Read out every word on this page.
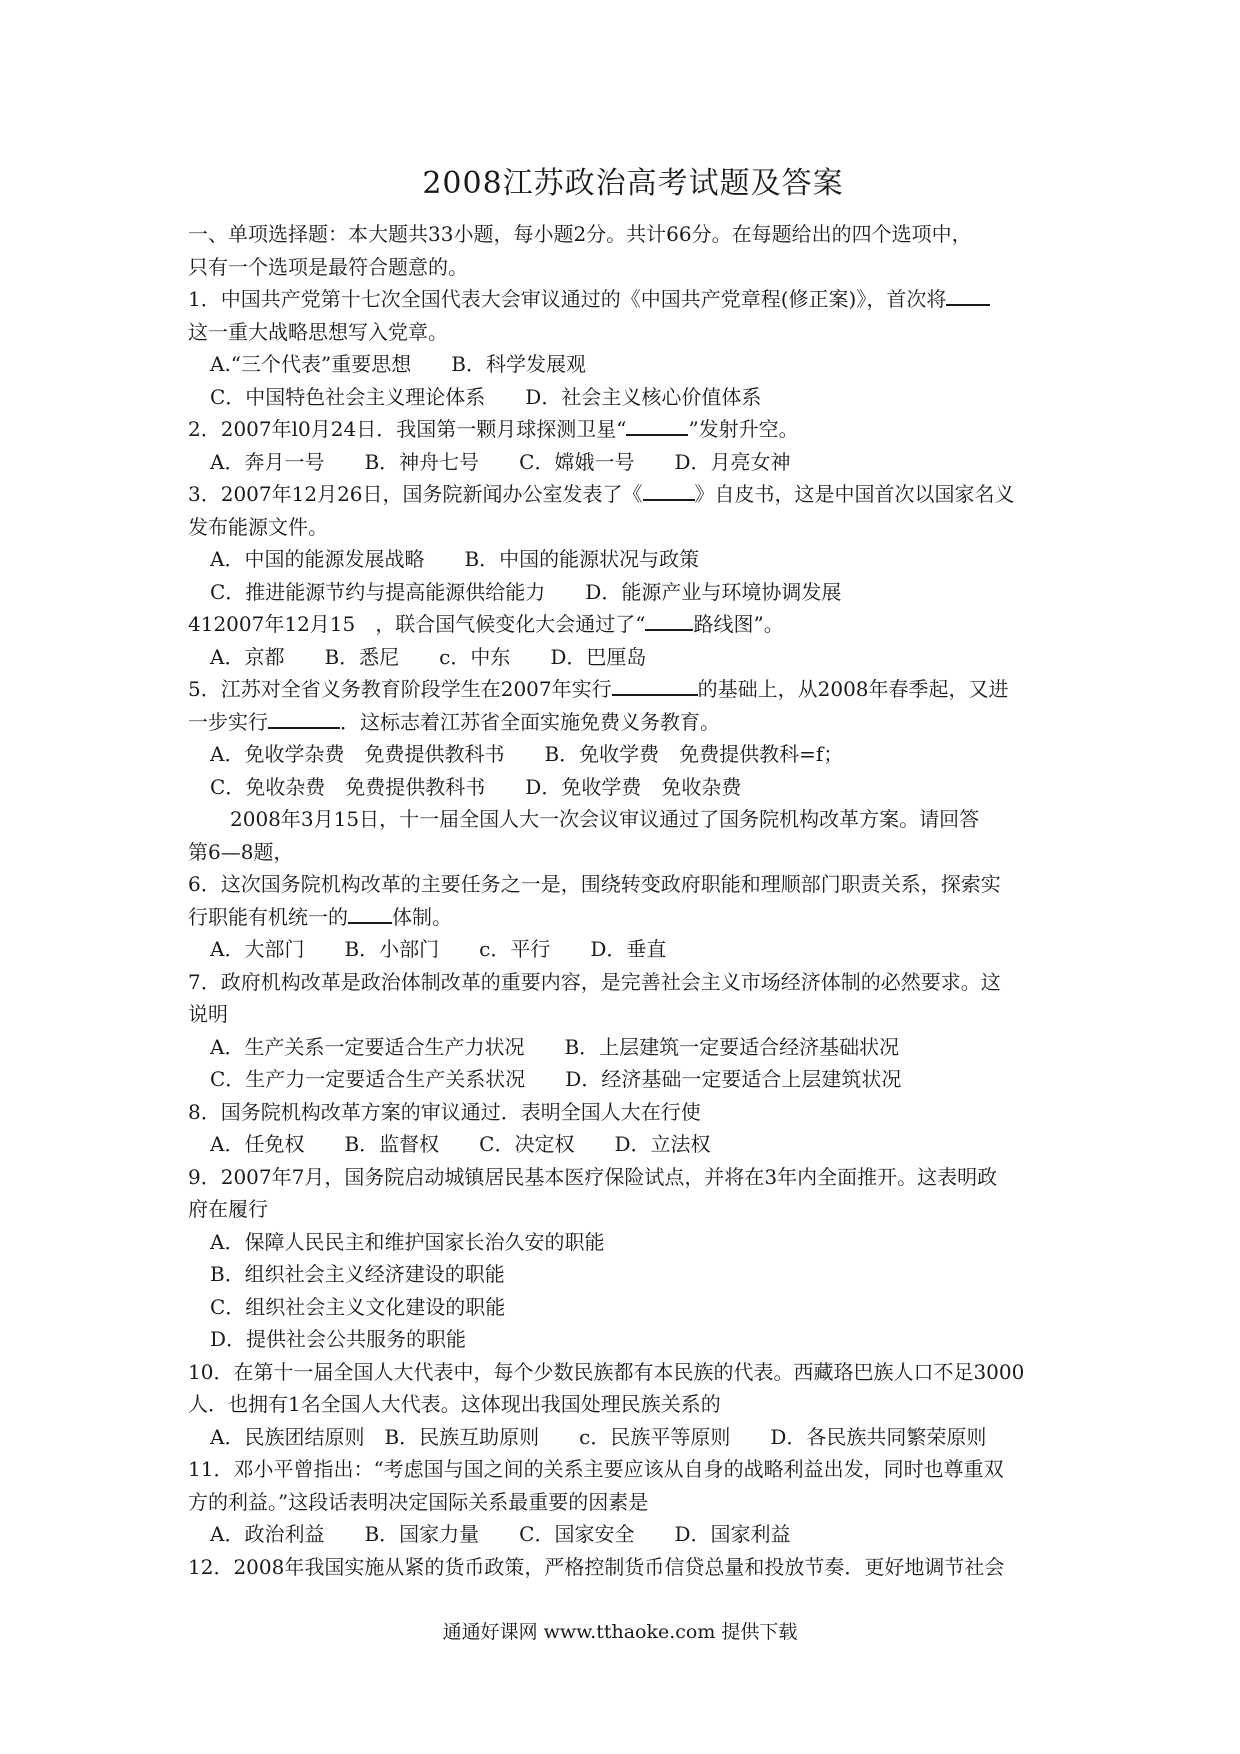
2008江苏政治高考试题及答案

一、单项选择题：本大题共33小题，每小题2分。共计66分。在每题给出的四个选项中，

只有一个选项是最符合题意的。

1．中国共产党第十七次全国代表大会审议通过的《中国共产党章程(修正案)》，首次将

这一重大战略思想写入党章。

A.“三个代表”重要思想　　B．科学发展观

C．中国特色社会主义理论体系　　D．社会主义核心价值体系

2．2007年l0月24日．我国第一颗月球探测卫星“	”发射升空。

A．奔月一号　　B．神舟七号　　C．嫦娥一号　　D．月亮女神

3．2007年12月26日，国务院新闻办公室发表了《	》自皮书，这是中国首次以国家名义

发布能源文件。

A．中国的能源发展战略　　B．中国的能源状况与政策

C．推进能源节约与提高能源供给能力　　D．能源产业与环境协调发展

412007年12月15　，联合国气候变化大会通过了“ 路线图”。

A．京都　　B．悉尼　　c．中东　　D．巴厘岛

5．江苏对全省义务教育阶段学生在2007年实行	的基础上，从2008年春季起，又进

一步实行	．这标志着江苏省全面实施免费义务教育。

A．免收学杂费　免费提供教科书　　B．免收学费　免费提供教科=f；

C．免收杂费　免费提供教科书　　D．免收学费　免收杂费

2008年3月15日，十一届全国人大一次会议审议通过了国务院机构改革方案。请回答

第6—8题，

6．这次国务院机构改革的主要任务之一是，围绕转变政府职能和理顺部门职责关系，探索实

行职能有机统一的 体制。

A．大部门　　B．小部门　　c．平行　　D．垂直

7．政府机构改革是政治体制改革的重要内容，是完善社会主义市场经济体制的必然要求。这

说明

A．生产关系一定要适合生产力状况　　B．上层建筑一定要适合经济基础状况

C．生产力一定要适合生产关系状况　　D．经济基础一定要适合上层建筑状况

8．国务院机构改革方案的审议通过．表明全国人大在行使

A．任免权　　B．监督权　　C．决定权　　D．立法权

9．2007年7月，国务院启动城镇居民基本医疗保险试点，并将在3年内全面推开。这表明政

府在履行

A．保障人民民主和维护国家长治久安的职能

B．组织社会主义经济建设的职能

C．组织社会主义文化建设的职能

D．提供社会公共服务的职能

10．在第十一届全国人大代表中，每个少数民族都有本民族的代表。西藏珞巴族人口不足3000

人．也拥有1名全国人大代表。这体现出我国处理民族关系的

A．民族团结原则　B．民族互助原则　　c．民族平等原则　　D．各民族共同繁荣原则

11．邓小平曾指出：“考虑国与国之间的关系主要应该从自身的战略利益出发，同时也尊重双

方的利益。”这段话表明决定国际关系最重要的因素是

A．政治利益　　B．国家力量　　C．国家安全　　D．国家利益

12．2008年我国实施从紧的货币政策，严格控制货币信贷总量和投放节奏．更好地调节社会

通通好课网 www.tthaoke.com 提供下载
